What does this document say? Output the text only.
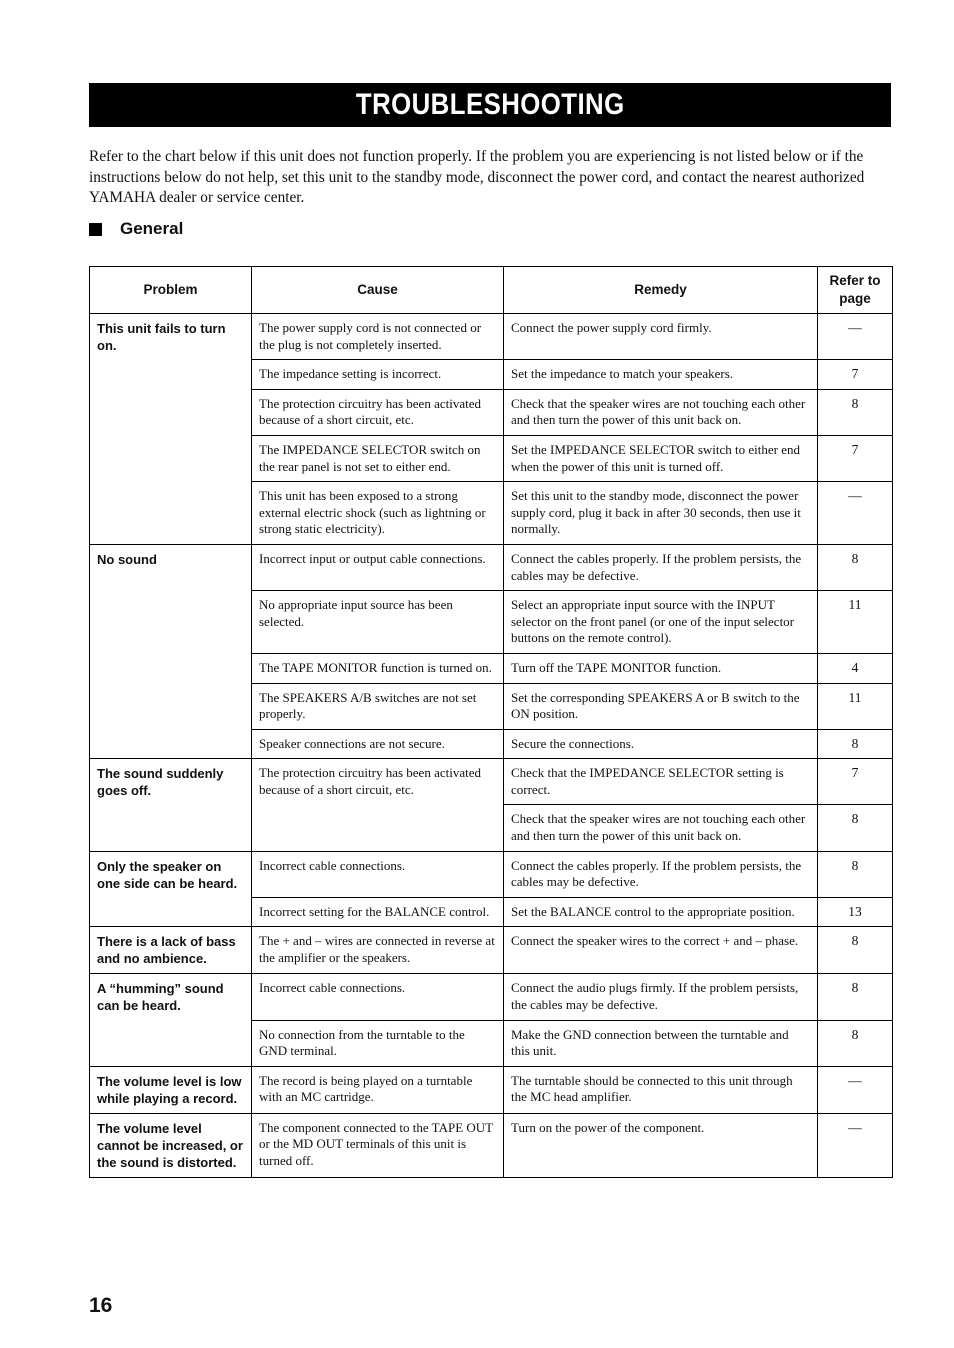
TROUBLESHOOTING

Refer to the chart below if this unit does not function properly. If the problem you are experiencing is not listed below or if the instructions below do not help, set this unit to the standby mode, disconnect the power cord, and contact the nearest authorized YAMAHA dealer or service center.

General
Problem	Cause	Remedy	Refer to page
This unit fails to turn on.	The power supply cord is not connected or the plug is not completely inserted.	Connect the power supply cord firmly.	—
	The impedance setting is incorrect.	Set the impedance to match your speakers.	7
	The protection circuitry has been activated because of a short circuit, etc.	Check that the speaker wires are not touching each other and then turn the power of this unit back on.	8
	The IMPEDANCE SELECTOR switch on the rear panel is not set to either end.	Set the IMPEDANCE SELECTOR switch to either end when the power of this unit is turned off.	7
	This unit has been exposed to a strong external electric shock (such as lightning or strong static electricity).	Set this unit to the standby mode, disconnect the power supply cord, plug it back in after 30 seconds, then use it normally.	—
No sound	Incorrect input or output cable connections.	Connect the cables properly. If the problem persists, the cables may be defective.	8
	No appropriate input source has been selected.	Select an appropriate input source with the INPUT selector on the front panel (or one of the input selector buttons on the remote control).	11
	The TAPE MONITOR function is turned on.	Turn off the TAPE MONITOR function.	4
	The SPEAKERS A/B switches are not set properly.	Set the corresponding SPEAKERS A or B switch to the ON position.	11
	Speaker connections are not secure.	Secure the connections.	8
The sound suddenly goes off.	The protection circuitry has been activated because of a short circuit, etc.	Check that the IMPEDANCE SELECTOR setting is correct.	7
		Check that the speaker wires are not touching each other and then turn the power of this unit back on.	8
Only the speaker on one side can be heard.	Incorrect cable connections.	Connect the cables properly. If the problem persists, the cables may be defective.	8
	Incorrect setting for the BALANCE control.	Set the BALANCE control to the appropriate position.	13
There is a lack of bass and no ambience.	The + and – wires are connected in reverse at the amplifier or the speakers.	Connect the speaker wires to the correct + and – phase.	8
A “humming” sound can be heard.	Incorrect cable connections.	Connect the audio plugs firmly. If the problem persists, the cables may be defective.	8
	No connection from the turntable to the GND terminal.	Make the GND connection between the turntable and this unit.	8
The volume level is low while playing a record.	The record is being played on a turntable with an MC cartridge.	The turntable should be connected to this unit through the MC head amplifier.	—
The volume level cannot be increased, or the sound is distorted.	The component connected to the TAPE OUT or the MD OUT terminals of this unit is turned off.	Turn on the power of the component.	—
16
